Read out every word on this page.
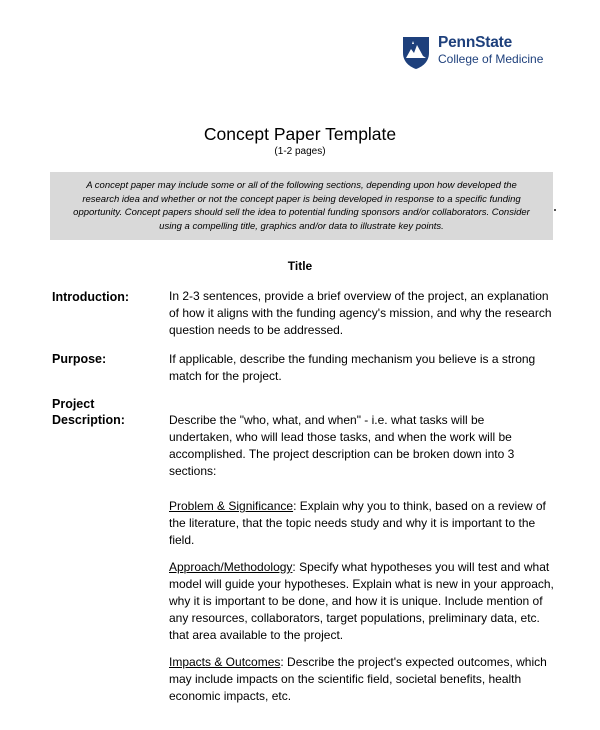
PennState
College of Medicine
Concept Paper Template
(1-2 pages)
A concept paper may include some or all of the following sections, depending upon how developed the research idea and whether or not the concept paper is being developed in response to a specific funding opportunity. Concept papers should sell the idea to potential funding sponsors and/or collaborators. Consider using a compelling title, graphics and/or data to illustrate key points.
Title
Introduction:	In 2-3 sentences, provide a brief overview of the project, an explanation of how it aligns with the funding agency's mission, and why the research question needs to be addressed.
Purpose:	If applicable, describe the funding mechanism you believe is a strong match for the project.
Project
Description:	Describe the "who, what, and when" - i.e. what tasks will be undertaken, who will lead those tasks, and when the work will be accomplished. The project description can be broken down into 3 sections:
Problem & Significance: Explain why you to think, based on a review of the literature, that the topic needs study and why it is important to the field.
Approach/Methodology: Specify what hypotheses you will test and what model will guide your hypotheses. Explain what is new in your approach, why it is important to be done, and how it is unique. Include mention of any resources, collaborators, target populations, preliminary data, etc. that area available to the project.
Impacts & Outcomes: Describe the project's expected outcomes, which may include impacts on the scientific field, societal benefits, health economic impacts, etc.
